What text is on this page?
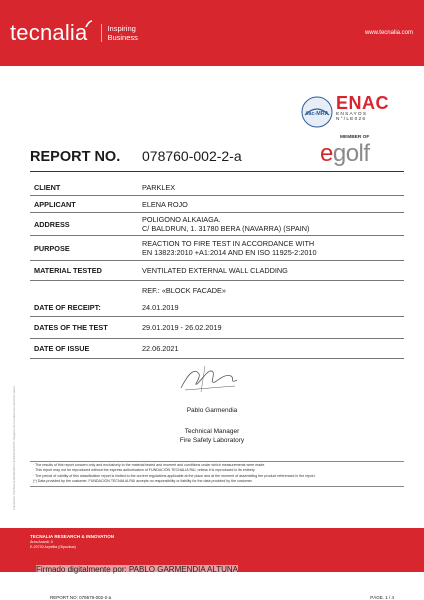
tecnalia	Inspiring
Business	www.tecnalia.com
ilac-MRA
ENAC
ENSAYOS
N°/LE026
MEMBER OF
egolf
Fundación TECNALIA RESEARCH & INNOVATION. Registro de Fundaciones del País Vasco
REPORT NO.	078760-002-2-a
CLIENT	PARKLEX
APPLICANT	ELENA ROJO
ADDRESS	POLIGONO ALKAIAGA.
C/ BALDRUN, 1. 31780 BERA (NAVARRA) (SPAIN)
PURPOSE	REACTION TO FIRE TEST IN ACCORDANCE WITH
EN 13823:2010 +A1:2014 AND EN ISO 11925-2:2010
MATERIAL TESTED	VENTILATED EXTERNAL WALL CLADDING
REF.: «BLOCK FACADE»
DATE OF RECEIPT:	24.01.2019
DATES OF THE TEST	29.01.2019 - 26.02.2019
DATE OF ISSUE	22.06.2021
Pablo Garmendia
Technical Manager
Fire Safety Laboratory
· The results of this report concern only and exclusively to the material tested and moment and conditions under which measurements were made.
· This report may not be reproduced without the express authorisation of FUNDACIÓN TECNALIA R&I, unless it is reproduced in its entirety.
· The period of validity of this classification report is limited to the current regulations applicable at the place and at the moment of assembling the product referenced in the report.
(*) Data provided by the customer. FUNDACIÓN TECNALIA R&I accepts no responsibility or liability for the data provided by the customer.
TECNALIA RESEARCH & INNOVATION
Área Anardi, 5
E-20730 Azpeitia (Gipuzkoa)
Firmado digitalmente por: PABLO GARMENDIA ALTUNA
REPORT NO: 078679-002-2-a	PÁGE. 1 / 4
